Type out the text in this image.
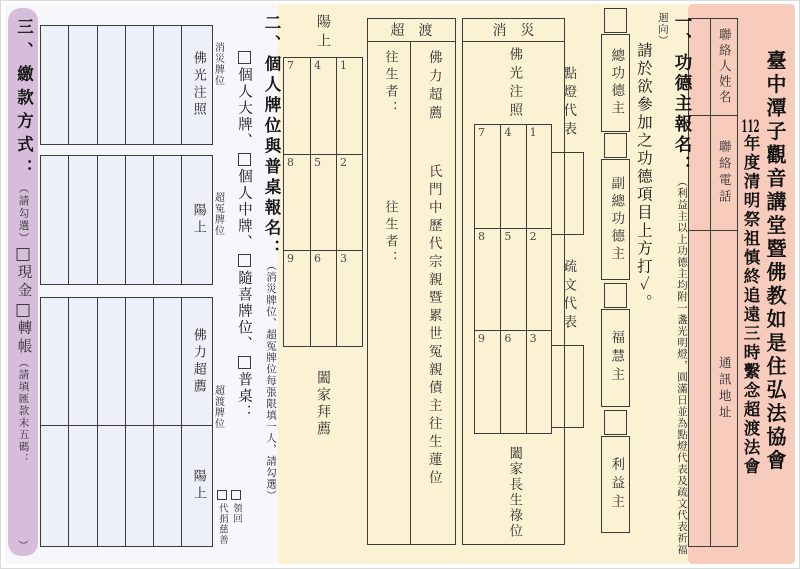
臺中潭子觀音講堂暨佛教如是住弘法協會
112年度清明祭祖慎終追遠三時繫念超渡法會
聯絡人姓名
聯絡電話
通訊地址
一、功德主報名：（利益主以上功德主均附一盞光明燈，圓滿日並為點燈代表及疏文代表祈福迴向）
請於欲參加之功德項目上方打✓。
總功德主
副總功德主
福慧主
利益主
點燈代表
疏文代表
消災
佛光注照
7	4	1
8	5	2
9	6	3
闔家長生祿位
超渡
往生者：
往生者：
佛力超薦
氏門中歷代宗親暨累世冤親債主往生蓮位
陽上
7	4	1
8	5	2
9	6	3
闔家拜薦
二、個人牌位與普桌報名：（消災牌位、超冤牌位每張限填一人，請勾選）
個人大牌、個人中牌、隨喜牌位、普桌：
領回
代捐慈善
消災牌位
超冤牌位
超渡牌位
三、繳款方式：（請勾選）現金轉帳（請填匯款末五碼：
）
佛光注照
陽上
佛力超薦
陽上
